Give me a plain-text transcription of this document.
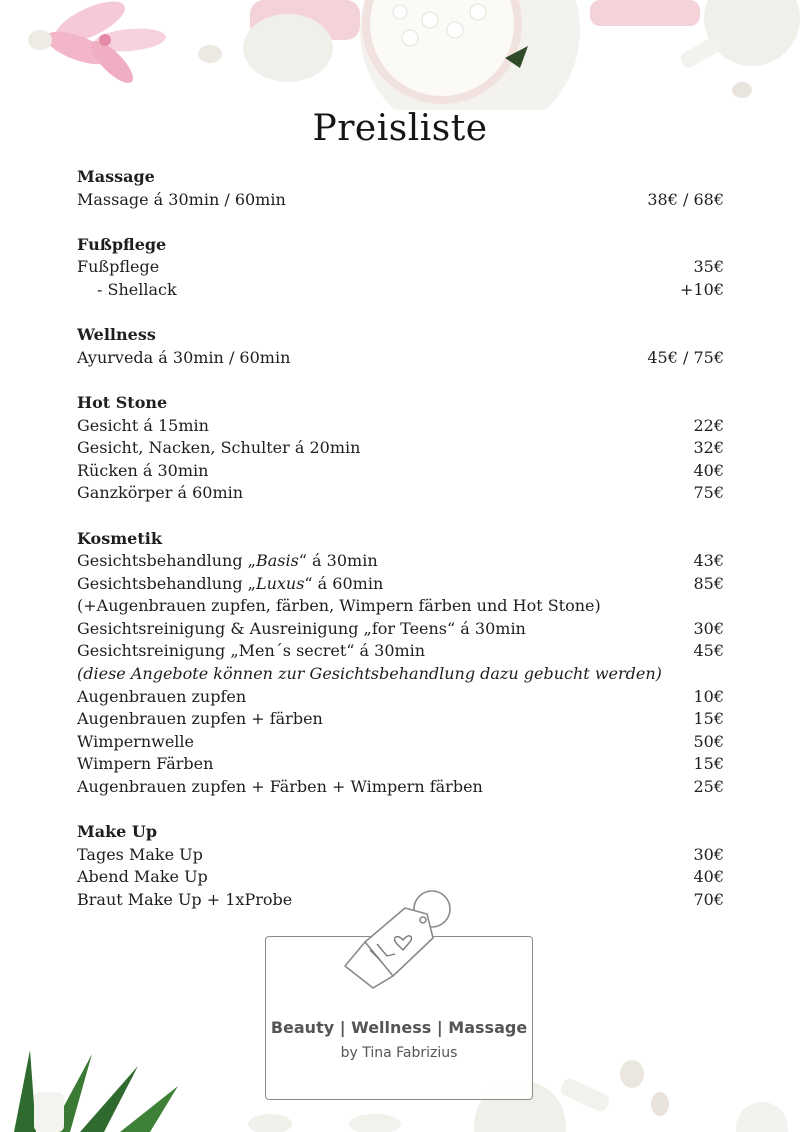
Preisliste
Massage
Massage á 30min / 60min	38€ / 68€
Fußpflege
Fußpflege	35€
- Shellack	+10€
Wellness
Ayurveda á 30min / 60min	45€ / 75€
Hot Stone
Gesicht á 15min	22€
Gesicht, Nacken, Schulter á 20min	32€
Rücken á 30min	40€
Ganzkörper á 60min	75€
Kosmetik
Gesichtsbehandlung „Basis“ á 30min	43€
Gesichtsbehandlung „Luxus“ á 60min	85€
(+Augenbrauen zupfen, färben, Wimpern färben und Hot Stone)
Gesichtsreinigung & Ausreinigung „for Teens“ á 30min	30€
Gesichtsreinigung „Men´s secret“ á 30min	45€
(diese Angebote können zur Gesichtsbehandlung dazu gebucht werden)
Augenbrauen zupfen	10€
Augenbrauen zupfen + färben	15€
Wimpernwelle	50€
Wimpern Färben	15€
Augenbrauen zupfen + Färben + Wimpern färben	25€
Make Up
Tages Make Up	30€
Abend Make Up	40€
Braut Make Up + 1xProbe	70€
Beauty | Wellness | Massage
by Tina Fabrizius
